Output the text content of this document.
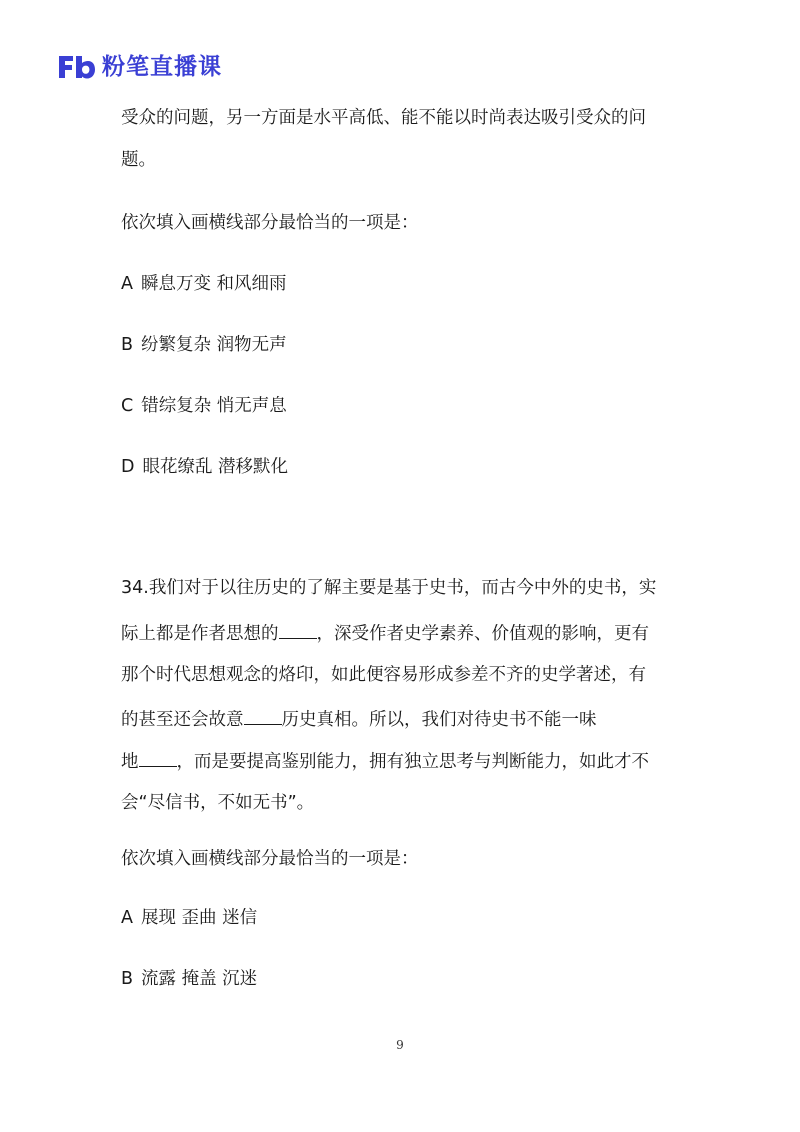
粉笔直播课
受众的问题，另一方面是水平高低、能不能以时尚表达吸引受众的问
题。
依次填入画横线部分最恰当的一项是：
A 瞬息万变 和风细雨
B 纷繁复杂 润物无声
C 错综复杂 悄无声息
D 眼花缭乱 潜移默化
34.我们对于以往历史的了解主要是基于史书，而古今中外的史书，实
际上都是作者思想的 ，深受作者史学素养、价值观的影响，更有
那个时代思想观念的烙印，如此便容易形成参差不齐的史学著述，有
的甚至还会故意 历史真相。所以，我们对待史书不能一味
地 ，而是要提高鉴别能力，拥有独立思考与判断能力，如此才不
会“尽信书，不如无书”。
依次填入画横线部分最恰当的一项是：
A 展现 歪曲 迷信
B 流露 掩盖 沉迷
9
